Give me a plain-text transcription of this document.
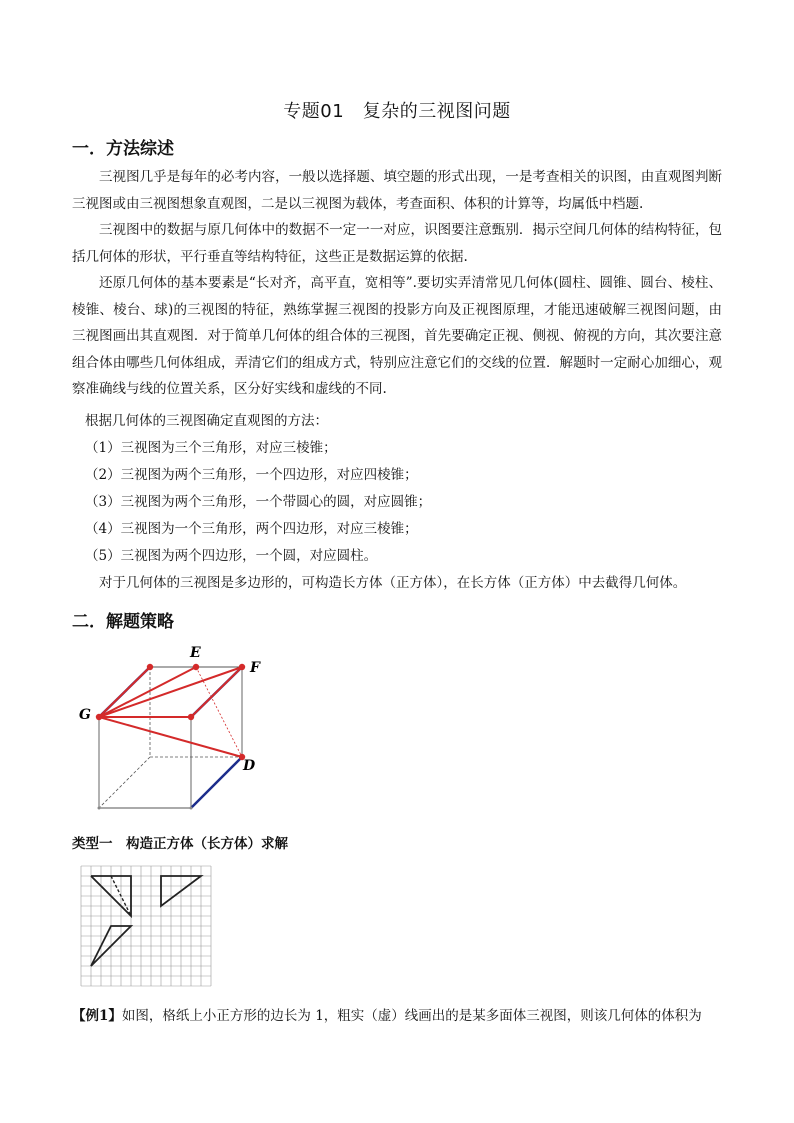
专题01　复杂的三视图问题
一．方法综述

三视图几乎是每年的必考内容，一般以选择题、填空题的形式出现，一是考查相关的识图，由直观图判断三视图或由三视图想象直观图，二是以三视图为载体，考查面积、体积的计算等，均属低中档题.

三视图中的数据与原几何体中的数据不一定一一对应，识图要注意甄别．揭示空间几何体的结构特征，包括几何体的形状，平行垂直等结构特征，这些正是数据运算的依据.

还原几何体的基本要素是“长对齐，高平直，宽相等”.要切实弄清常见几何体(圆柱、圆锥、圆台、棱柱、棱锥、棱台、球)的三视图的特征，熟练掌握三视图的投影方向及正视图原理，才能迅速破解三视图问题，由三视图画出其直观图．对于简单几何体的组合体的三视图，首先要确定正视、侧视、俯视的方向，其次要注意组合体由哪些几何体组成，弄清它们的组成方式，特别应注意它们的交线的位置．解题时一定耐心加细心，观察准确线与线的位置关系，区分好实线和虚线的不同.

根据几何体的三视图确定直观图的方法：
（1）三视图为三个三角形，对应三棱锥；
（2）三视图为两个三角形，一个四边形，对应四棱锥；
（3）三视图为两个三角形，一个带圆心的圆，对应圆锥；
（4）三视图为一个三角形，两个四边形，对应三棱锥；
（5）三视图为两个四边形，一个圆，对应圆柱。
对于几何体的三视图是多边形的，可构造长方体（正方体），在长方体（正方体）中去截得几何体。
二．解题策略
E
F
G
D
类型一　构造正方体（长方体）求解
【例1】如图，格纸上小正方形的边长为 1，粗实（虚）线画出的是某多面体三视图，则该几何体的体积为
